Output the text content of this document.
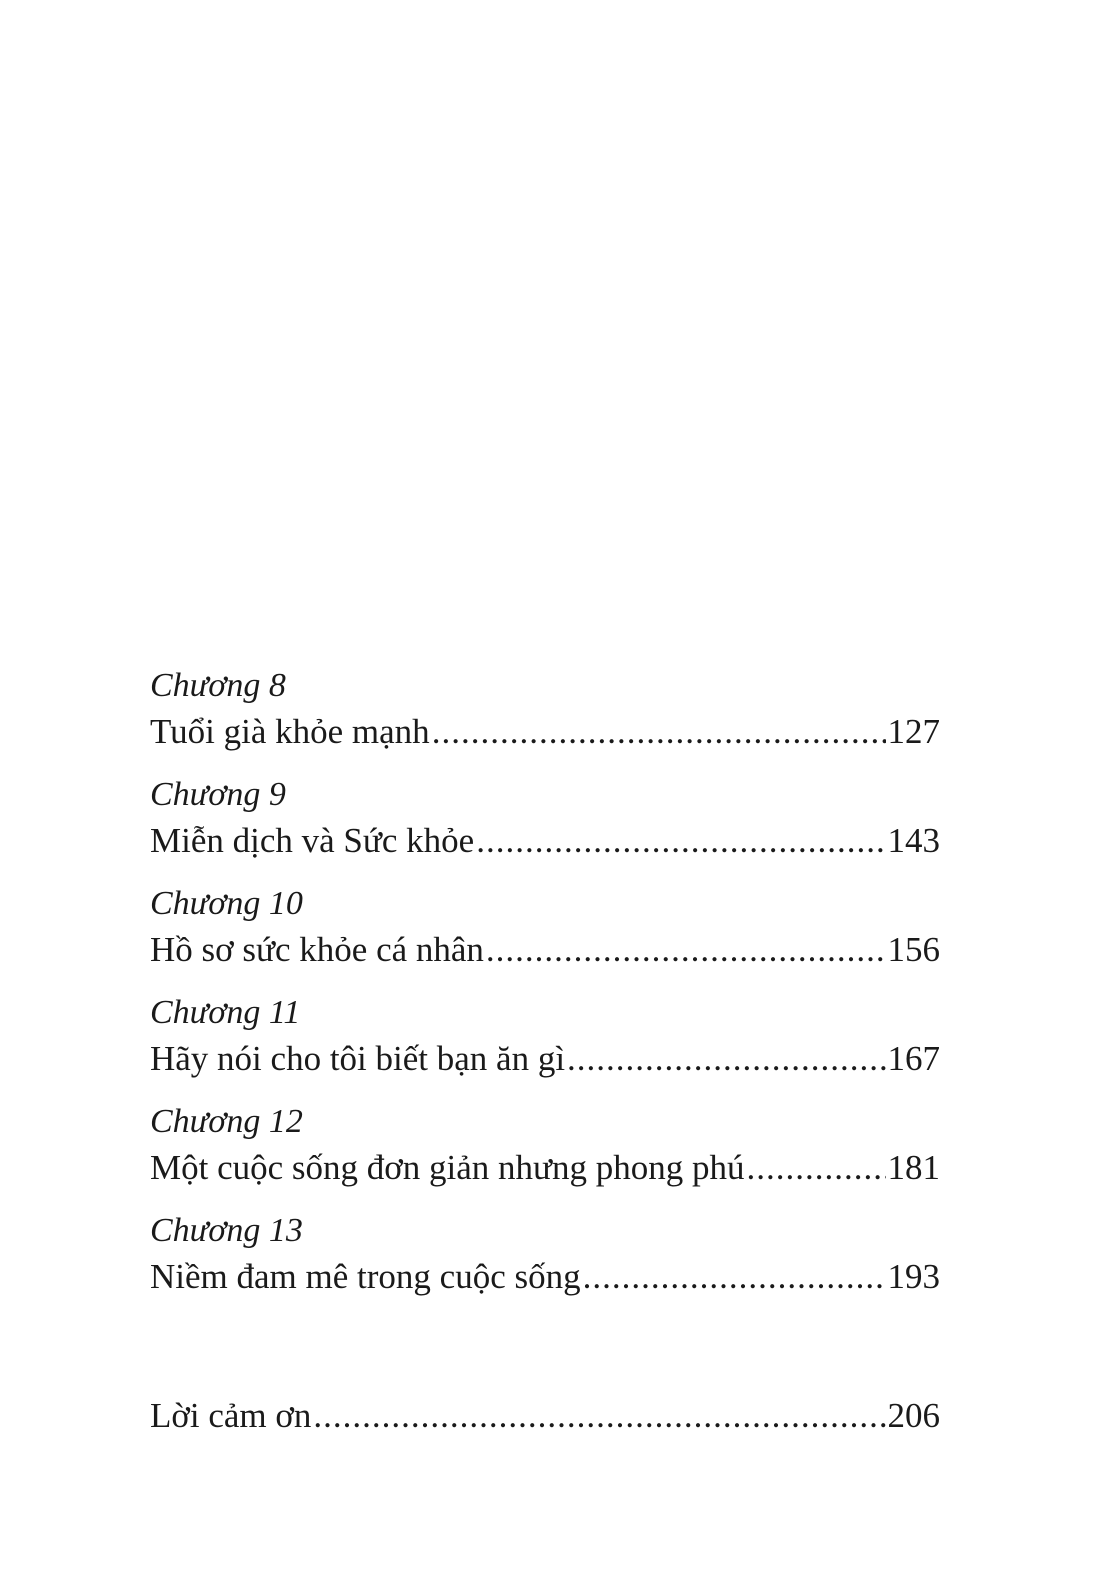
Chương 8
Tuổi già khỏe mạnh .....	127
Chương 9
Miễn dịch và Sức khỏe .....	143
Chương 10
Hồ sơ sức khỏe cá nhân .....	156
Chương 11
Hãy nói cho tôi biết bạn ăn gì .....	167
Chương 12
Một cuộc sống đơn giản nhưng phong phú .....	181
Chương 13
Niềm đam mê trong cuộc sống .....	193
Lời cảm ơn .....	206
